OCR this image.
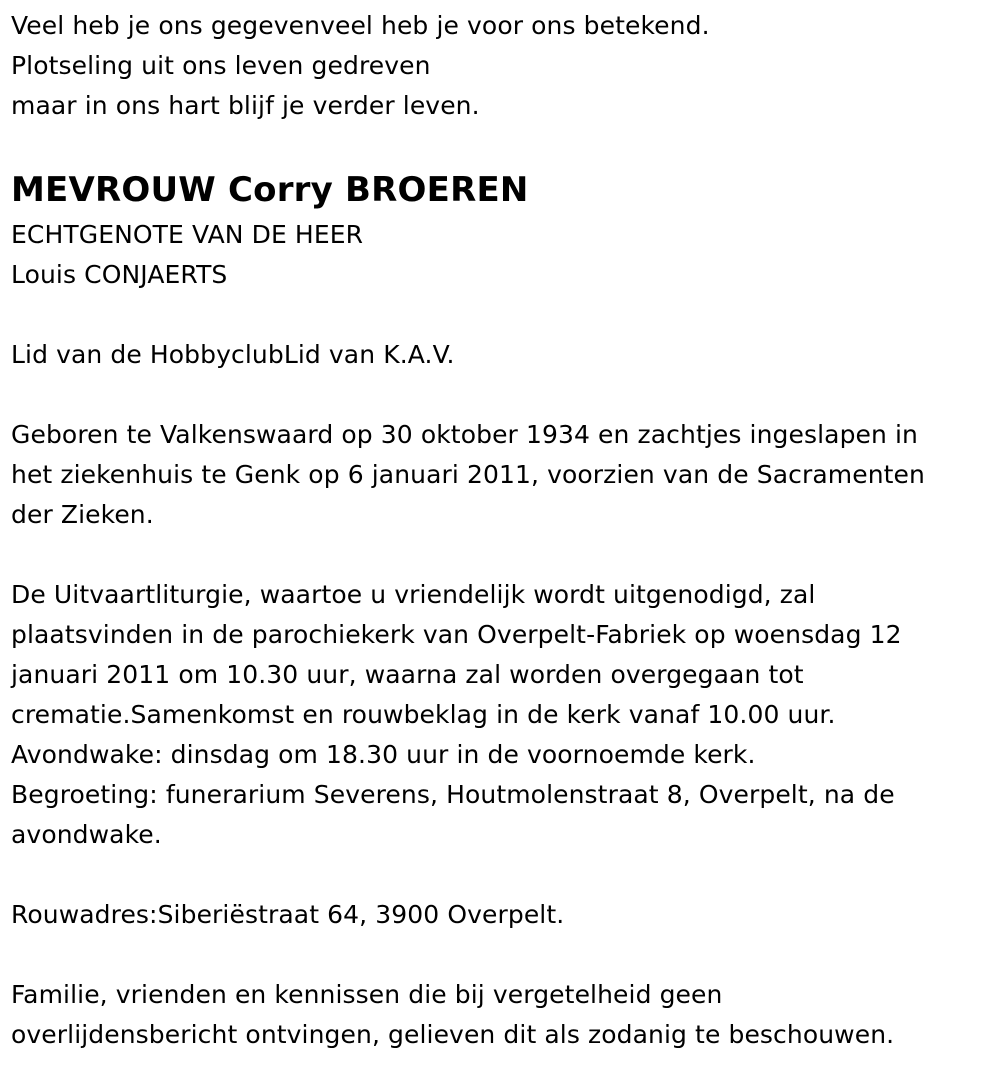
Veel heb je ons gegevenveel heb je voor ons betekend.
Plotseling uit ons leven gedreven
maar in ons hart blijf je verder leven.
MEVROUW Corry BROEREN
ECHTGENOTE VAN DE HEER
Louis CONJAERTS
Lid van de HobbyclubLid van K.A.V.
Geboren te Valkenswaard op 30 oktober 1934 en zachtjes ingeslapen in
het ziekenhuis te Genk op 6 januari 2011, voorzien van de Sacramenten
der Zieken.
De Uitvaartliturgie, waartoe u vriendelijk wordt uitgenodigd, zal
plaatsvinden in de parochiekerk van Overpelt-Fabriek op woensdag 12
januari 2011 om 10.30 uur, waarna zal worden overgegaan tot
crematie.Samenkomst en rouwbeklag in de kerk vanaf 10.00 uur.
Avondwake: dinsdag om 18.30 uur in de voornoemde kerk.
Begroeting: funerarium Severens, Houtmolenstraat 8, Overpelt, na de
avondwake.
Rouwadres:Siberiëstraat 64, 3900 Overpelt.
Familie, vrienden en kennissen die bij vergetelheid geen
overlijdensbericht ontvingen, gelieven dit als zodanig te beschouwen.
